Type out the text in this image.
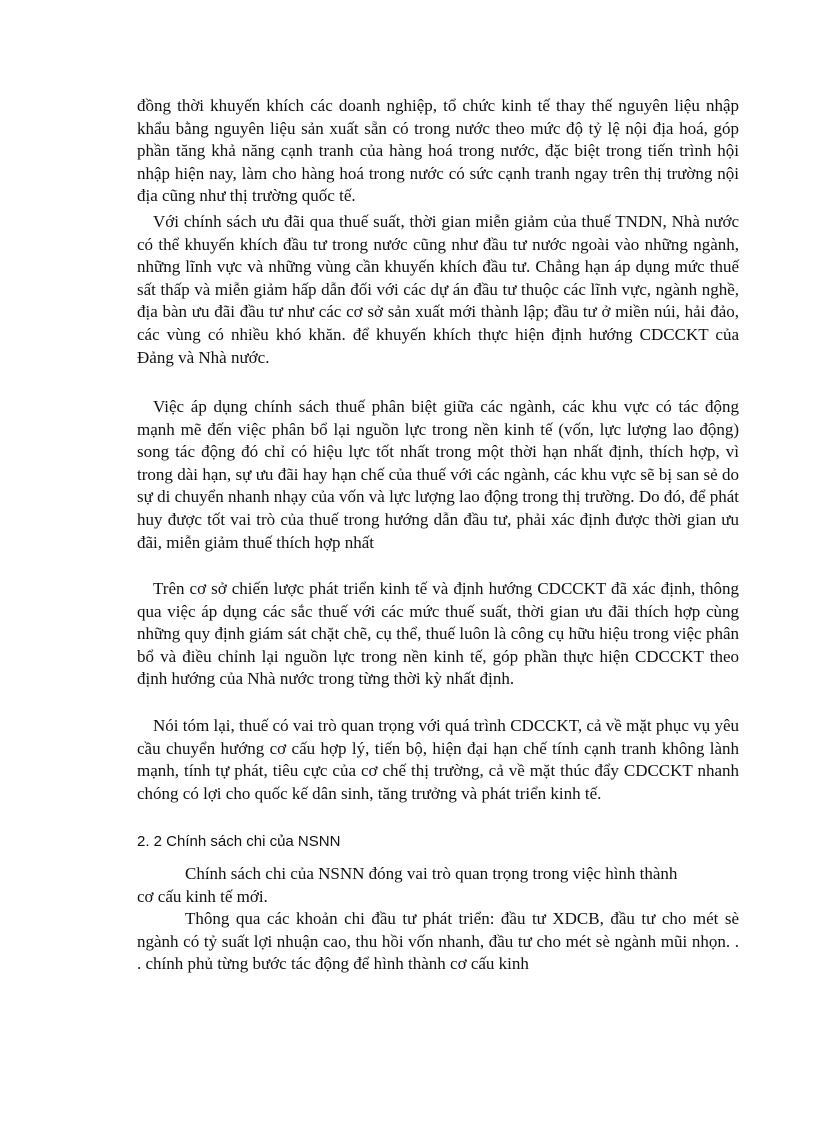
đồng thời khuyến khích các doanh nghiệp, tổ chức kinh tế thay thế nguyên liệu nhập khẩu bằng nguyên liệu sản xuất sẵn có trong nước theo mức độ tỷ lệ nội địa hoá, góp phần tăng khả năng cạnh tranh của hàng hoá trong nước, đặc biệt trong tiến trình hội nhập hiện nay, làm cho hàng hoá trong nước có sức cạnh tranh ngay trên thị trường nội địa cũng như thị trường quốc tế.

Với chính sách ưu đãi qua thuế suất, thời gian miễn giảm của thuế TNDN, Nhà nước có thể khuyến khích đầu tư trong nước cũng như đầu tư nước ngoài vào những ngành, những lĩnh vực và những vùng cần khuyến khích đầu tư. Chẳng hạn áp dụng mức thuế sất thấp và miễn giảm hấp dẫn đối với các dự án đầu tư thuộc các lĩnh vực, ngành nghề, địa bàn ưu đãi đầu tư như các cơ sở sản xuất mới thành lập; đầu tư ở miền núi, hải đảo, các vùng có nhiều khó khăn. để khuyến khích thực hiện định hướng CDCCKT của Đảng và Nhà nước.

Việc áp dụng chính sách thuế phân biệt giữa các ngành, các khu vực có tác động mạnh mẽ đến việc phân bổ lại nguồn lực trong nền kinh tế (vốn, lực lượng lao động) song tác động đó chỉ có hiệu lực tốt nhất trong một thời hạn nhất định, thích hợp, vì trong dài hạn, sự ưu đãi hay hạn chế của thuế với các ngành, các khu vực sẽ bị san sẻ do sự di chuyển nhanh nhạy của vốn và lực lượng lao động trong thị trường. Do đó, để phát huy được tốt vai trò của thuế trong hướng dẫn đầu tư, phải xác định được thời gian ưu đãi, miễn giảm thuế thích hợp nhất

Trên cơ sở chiến lược phát triển kinh tế và định hướng CDCCKT đã xác định, thông qua việc áp dụng các sắc thuế với các mức thuế suất, thời gian ưu đãi thích hợp cùng những quy định giám sát chặt chẽ, cụ thể, thuế luôn là công cụ hữu hiệu trong việc phân bổ và điều chỉnh lại nguồn lực trong nền kinh tế, góp phần thực hiện CDCCKT theo định hướng của Nhà nước trong từng thời kỳ nhất định.

Nói tóm lại, thuế có vai trò quan trọng với quá trình CDCCKT, cả về mặt phục vụ yêu cầu chuyển hướng cơ cấu hợp lý, tiến bộ, hiện đại hạn chế tính cạnh tranh không lành mạnh, tính tự phát, tiêu cực của cơ chế thị trường, cả về mặt thúc đẩy CDCCKT nhanh chóng có lợi cho quốc kế dân sinh, tăng trưởng và phát triển kinh tế.

2. 2 Chính sách chi của NSNN

Chính sách chi của NSNN đóng vai trò quan trọng trong việc hình thành cơ cấu kinh tế mới.

Thông qua các khoản chi đầu tư phát triển: đầu tư XDCB, đầu tư cho mét sè ngành có tỷ suất lợi nhuận cao, thu hồi vốn nhanh, đầu tư cho mét sè ngành mũi nhọn. . . chính phủ từng bước tác động để hình thành cơ cấu kinh
